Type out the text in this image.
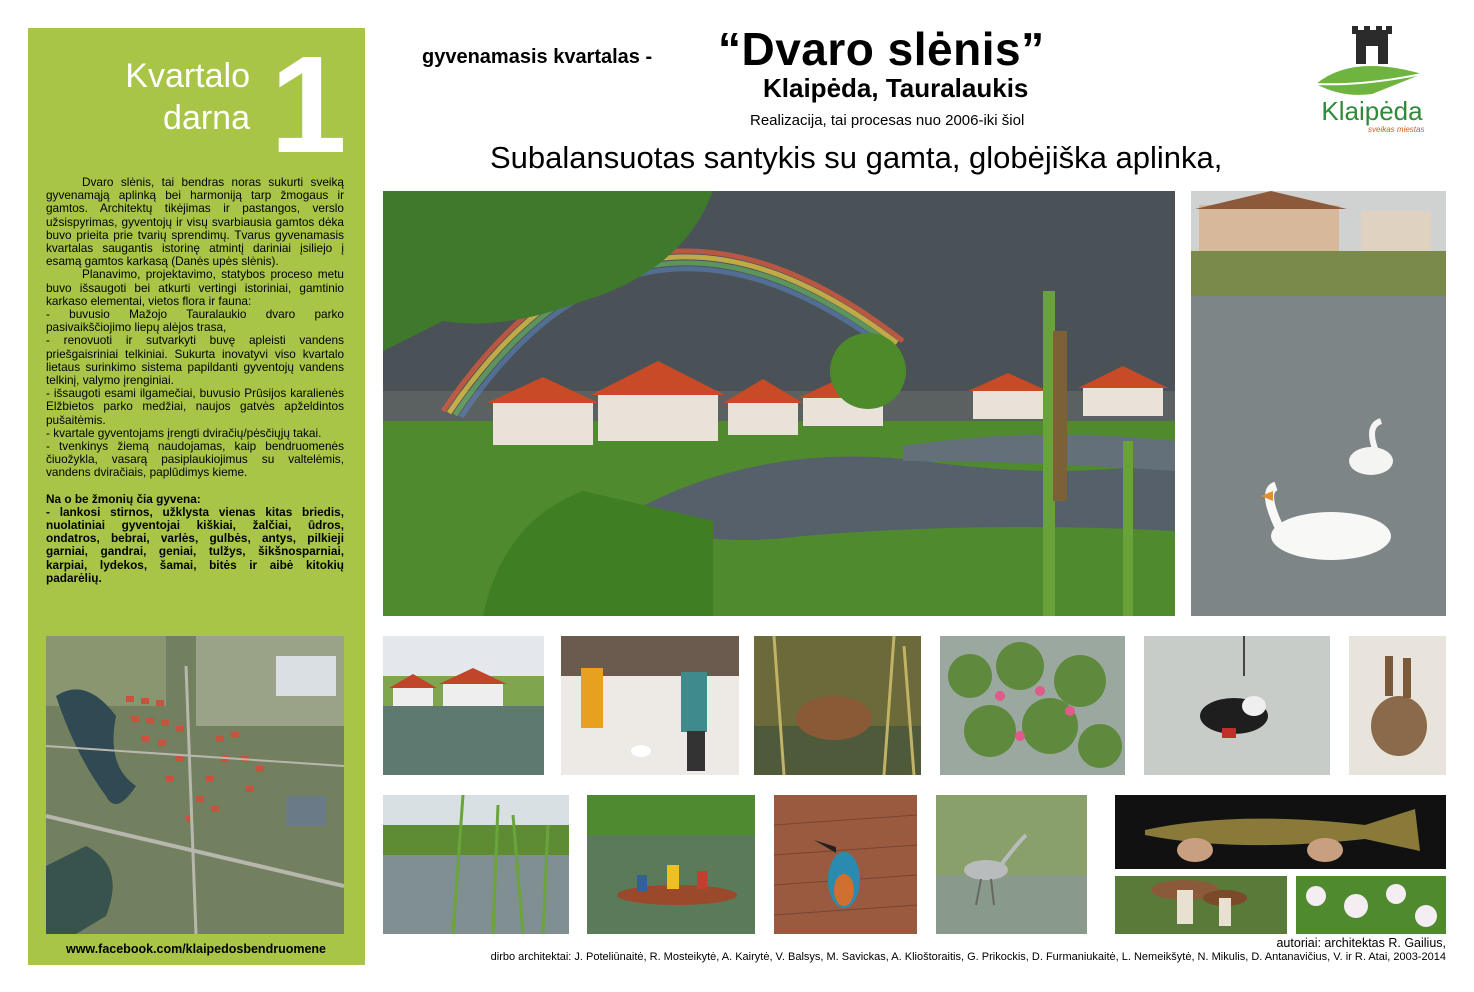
Kvartalo
darna 1

Dvaro slėnis, tai bendras noras sukurti sveiką gyvenamąją aplinką bei harmoniją tarp žmogaus ir gamtos. Architektų tikėjimas ir pastangos, verslo užsispyrimas, gyventojų ir visų svarbiausia gamtos dėka buvo prieita prie tvarių sprendimų. Tvarus gyvenamasis kvartalas saugantis istorinę atmintį dariniai įsiliejo į esamą gamtos karkasą (Danės upės slėnis).

Planavimo, projektavimo, statybos proceso metu buvo išsaugoti bei atkurti vertingi istoriniai, gamtinio karkaso elementai, vietos flora ir fauna:

- buvusio Mažojo Tauralaukio dvaro parko pasivaikščiojimo liepų alėjos trasa,

- renovuoti ir sutvarkyti buvę apleisti vandens priešgaisriniai telkiniai. Sukurta inovatyvi viso kvartalo lietaus surinkimo sistema papildanti gyventojų vandens telkinį, valymo įrenginiai.

- išsaugoti esami ilgamečiai, buvusio Prūsijos karalienės Elžbietos parko medžiai, naujos gatvės apželdintos pušaitėmis.

- kvartale gyventojams įrengti dviračių/pėsčiųjų takai.

- tvenkinys žiemą naudojamas, kaip bendruomenės čiuožykla, vasarą pasiplaukiojimus su valtelėmis, vandens dviračiais, paplūdimys kieme.

Na o be žmonių čia gyvena:

- lankosi stirnos, užklysta vienas kitas briedis, nuolatiniai gyventojai kiškiai, žalčiai, ūdros, ondatros, bebrai, varlės, gulbės, antys, pilkieji garniai, gandrai, geniai, tulžys, šikšnosparniai, karpiai, lydekos, šamai, bitės ir aibė kitokių padarėlių.

www.facebook.com/klaipedosbendruomene
gyvenamasis kvartalas - “Dvaro slėnis”
Klaipėda, Tauralaukis
Realizacija, tai procesas nuo 2006-iki šiol
Subalansuotas santykis su gamta, globėjiška aplinka,
Klaipėda
sveikas miestas
autoriai: architektas R. Gailius,
dirbo architektai: J. Poteliūnaitė, R. Mosteikytė, A. Kairytė, V. Balsys, M. Savickas, A. Klioštoraitis, G. Prikockis, D. Furmaniukaitė, L. Nemeikšytė, N. Mikulis, D. Antanavičius, V. ir R. Atai, 2003-2014
